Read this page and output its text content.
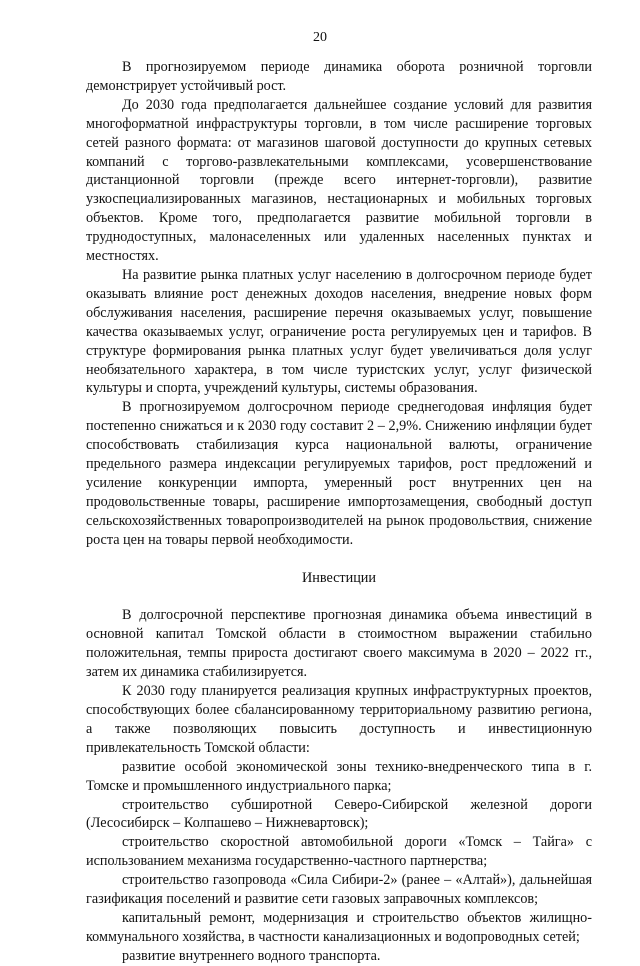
20

В прогнозируемом периоде динамика оборота розничной торговли демонстрирует устойчивый рост.

До 2030 года предполагается дальнейшее создание условий для развития многоформатной инфраструктуры торговли, в том числе расширение торговых сетей разного формата: от магазинов шаговой доступности до крупных сетевых компаний с торгово-развлекательными комплексами, усовершенствование дистанционной торговли (прежде всего интернет-торговли), развитие узкоспециализированных магазинов, нестационарных и мобильных торговых объектов. Кроме того, предполагается развитие мобильной торговли в труднодоступных, малонаселенных или удаленных населенных пунктах и местностях.

На развитие рынка платных услуг населению в долгосрочном периоде будет оказывать влияние рост денежных доходов населения, внедрение новых форм обслуживания населения, расширение перечня оказываемых услуг, повышение качества оказываемых услуг, ограничение роста регулируемых цен и тарифов. В структуре формирования рынка платных услуг будет увеличиваться доля услуг необязательного характера, в том числе туристских услуг, услуг физической культуры и спорта, учреждений культуры, системы образования.

В прогнозируемом долгосрочном периоде среднегодовая инфляция будет постепенно снижаться и к 2030 году составит 2 – 2,9%. Снижению инфляции будет способствовать стабилизация курса национальной валюты, ограничение предельного размера индексации регулируемых тарифов, рост предложений и усиление конкуренции импорта, умеренный рост внутренних цен на продовольственные товары, расширение импортозамещения, свободный доступ сельскохозяйственных товаропроизводителей на рынок продовольствия, снижение роста цен на товары первой необходимости.

Инвестиции

В долгосрочной перспективе прогнозная динамика объема инвестиций в основной капитал Томской области в стоимостном выражении стабильно положительная, темпы прироста достигают своего максимума в 2020 – 2022 гг., затем их динамика стабилизируется.

К 2030 году планируется реализация крупных инфраструктурных проектов, способствующих более сбалансированному территориальному развитию региона, а также позволяющих повысить доступность и инвестиционную привлекательность Томской области:

развитие особой экономической зоны технико-внедренческого типа в г. Томске и промышленного индустриального парка;

строительство субширотной Северо-Сибирской железной дороги (Лесосибирск – Колпашево – Нижневартовск);

строительство скоростной автомобильной дороги «Томск – Тайга» с использованием механизма государственно-частного партнерства;

строительство газопровода «Сила Сибири-2» (ранее – «Алтай»), дальнейшая газификация поселений и развитие сети газовых заправочных комплексов;

капитальный ремонт, модернизация и строительство объектов жилищно-коммунального хозяйства, в частности канализационных и водопроводных сетей;

развитие внутреннего водного транспорта.
